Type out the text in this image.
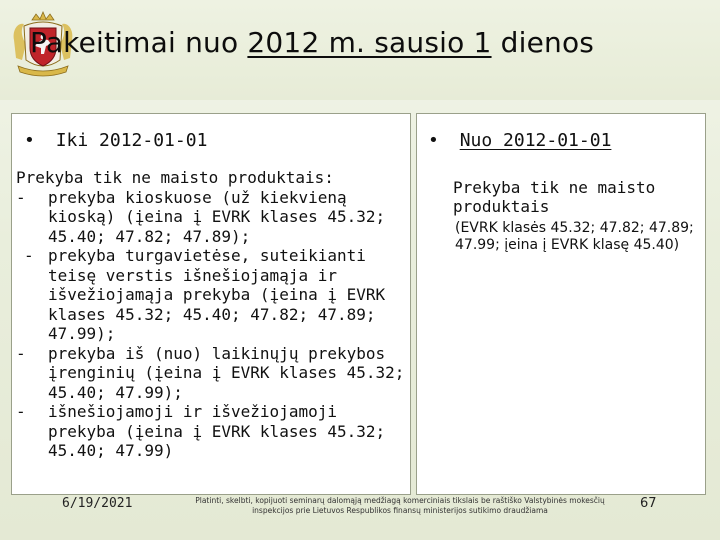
Pakeitimai nuo 2012 m. sausio 1 dienos
• Iki 2012-01-01	• Nuo 2012-01-01

Prekyba tik ne maisto produktais:

- prekyba kioskuose (už kiekvieną kioską) (įeina į EVRK klases 45.32; 45.40; 47.82; 47.89);

- prekyba turgavietėse, suteikianti teisę verstis išnešiojamąja ir išvežiojamąja prekyba (įeina į EVRK klases 45.32; 45.40; 47.82; 47.89; 47.99);

- prekyba iš (nuo) laikinųjų prekybos įrenginių (įeina į EVRK klases 45.32; 45.40; 47.99);

- išnešiojamoji ir išvežiojamoji prekyba (įeina į EVRK klases 45.32; 45.40; 47.99)

Prekyba tik ne maisto produktais

(EVRK klasės 45.32; 47.82; 47.89; 47.99; įeina į EVRK klasę 45.40)

6/19/2021	Platinti, skelbti, kopijuoti seminarų dalomąją medžiagą komerciniais tikslais be raštiško Valstybinės mokesčių inspekcijos prie Lietuvos Respublikos finansų ministerijos sutikimo draudžiama	67
